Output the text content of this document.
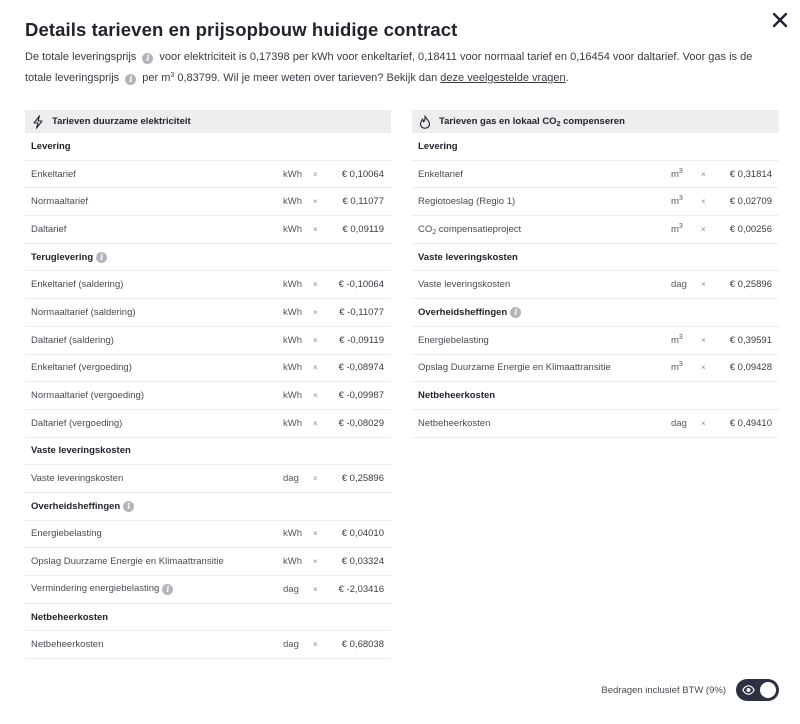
Details tarieven en prijsopbouw huidige contract
De totale leveringsprijs i voor elektriciteit is 0,17398 per kWh voor enkeltarief, 0,18411 voor normaal tarief en 0,16454 voor daltarief. Voor gas is de totale leveringsprijs i per $m^3$ 0,83799. Wil je meer weten over tarieven? Bekijk dan deze veelgestelde vragen.
Tarieven duurzame elektriciteit
Levering
Enkeltarief	kWh	×	€ 0,10064
Normaaltarief	kWh	×	€ 0,11077
Daltarief	kWh	×	€ 0,09119
Teruglevering i
Enkeltarief (saldering)	kWh	×	€ -0,10064
Normaaltarief (saldering)	kWh	×	€ -0,11077
Daltarief (saldering)	kWh	×	€ -0,09119
Enkeltarief (vergoeding)	kWh	×	€ -0,08974
Normaaltarief (vergoeding)	kWh	×	€ -0,09987
Daltarief (vergoeding)	kWh	×	€ -0,08029
Vaste leveringskosten
Vaste leveringskosten	dag	×	€ 0,25896
Overheidsheffingen i
Energiebelasting	kWh	×	€ 0,04010
Opslag Duurzame Energie en Klimaattransitie	kWh	×	€ 0,03324
Vermindering energiebelasting i	dag	×	€ -2,03416
Netbeheerkosten
Netbeheerkosten	dag	×	€ 0,68038
Tarieven gas en lokaal $CO_2$ compenseren
Levering
Enkeltarief	$m^3$	×	€ 0,31814
Regiotoeslag (Regio 1)	$m^3$	×	€ 0,02709
$CO_2$ compensatieproject	$m^3$	×	€ 0,00256
Vaste leveringskosten
Vaste leveringskosten	dag	×	€ 0,25896
Overheidsheffingen i
Energiebelasting	$m^3$	×	€ 0,39591
Opslag Duurzame Energie en Klimaattransitie	$m^3$	×	€ 0,09428
Netbeheerkosten
Netbeheerkosten	dag	×	€ 0,49410
Bedragen inclusief BTW (9%)
